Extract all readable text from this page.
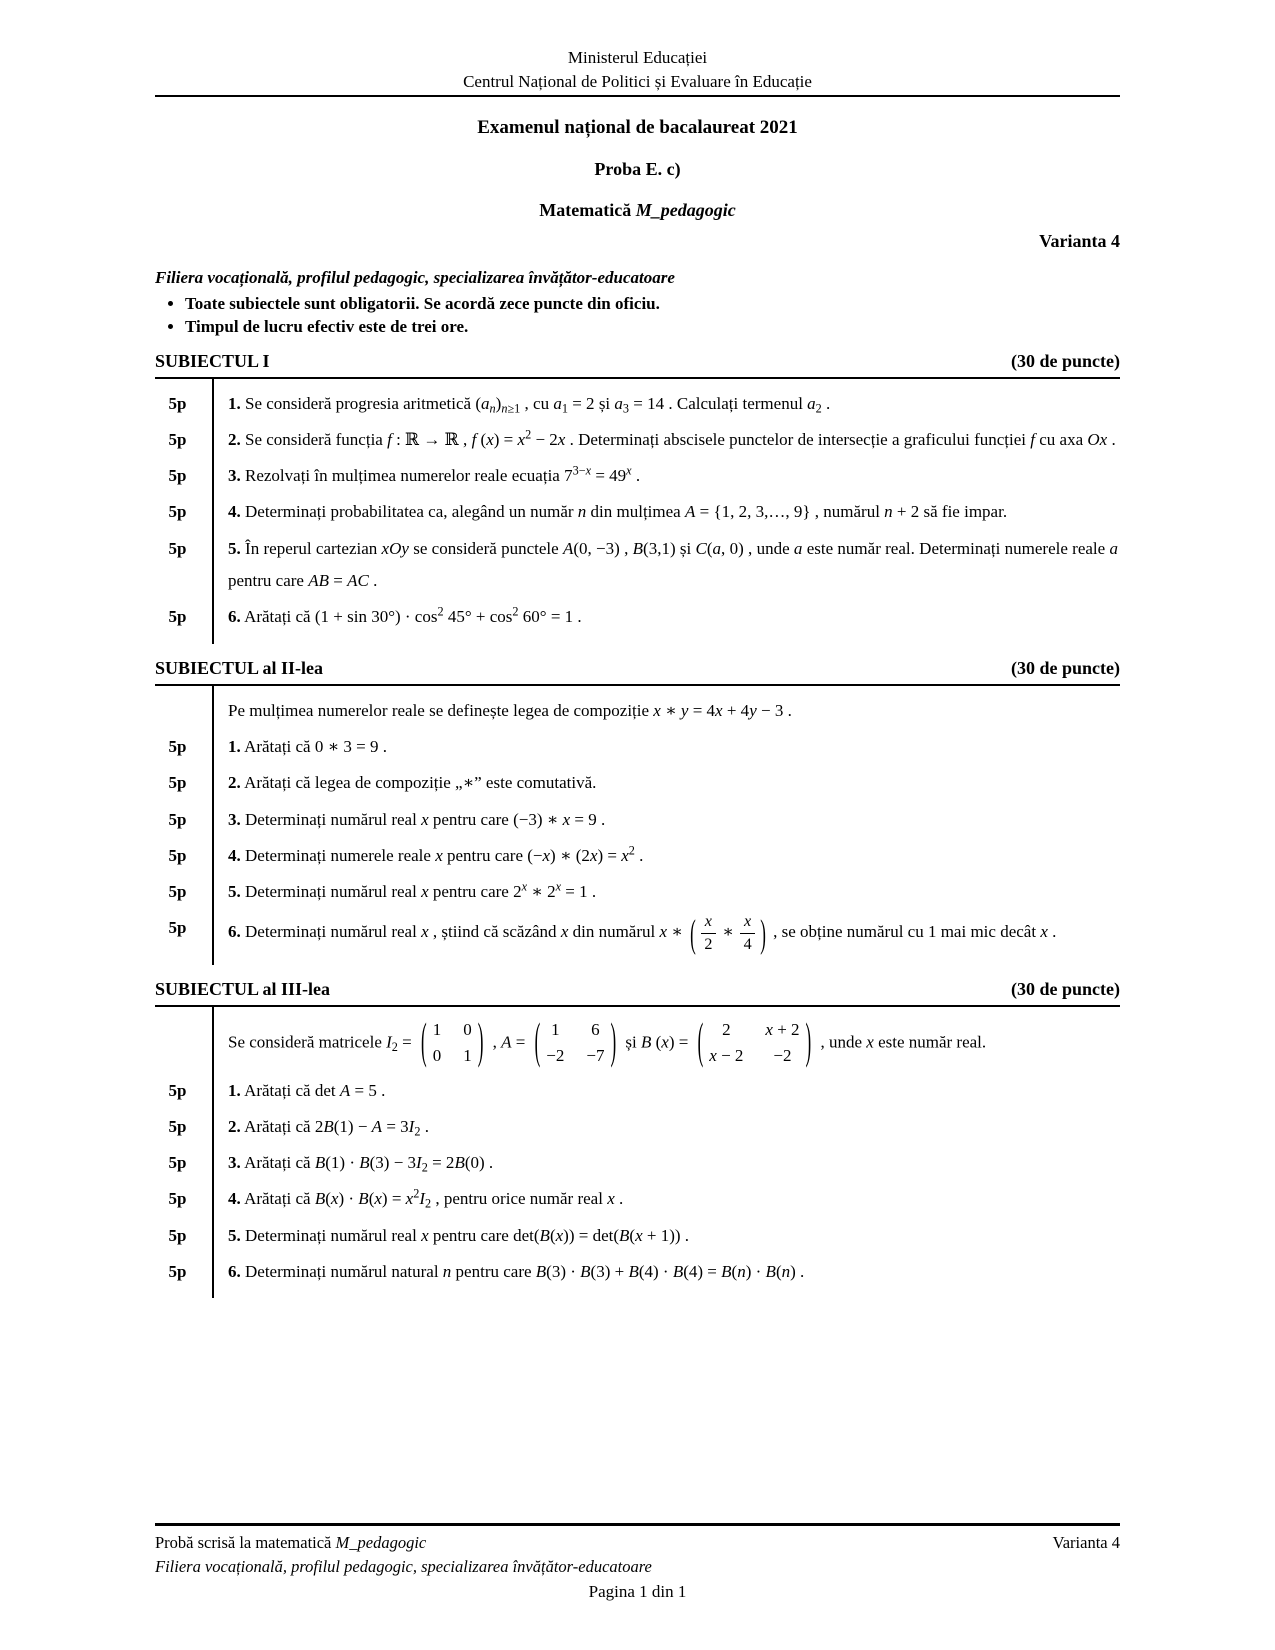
Ministerul Educației
Centrul Național de Politici și Evaluare în Educație
Examenul național de bacalaureat 2021
Proba E. c)
Matematică M_pedagogic
Varianta 4
Filiera vocațională, profilul pedagogic, specializarea învățător-educatoare
• Toate subiectele sunt obligatorii. Se acordă zece puncte din oficiu.
• Timpul de lucru efectiv este de trei ore.
SUBIECTUL I	(30 de puncte)
5p	1. Se consideră progresia aritmetică $(a_n)_{n\ge 1}$ , cu $a_1 = 2$ și $a_3 = 14$ . Calculați termenul $a_2$ .
5p	2. Se consideră funcția f : ℝ → ℝ , f $(x) = x^2 - 2x$ . Determinați abscisele punctelor de intersecție a graficului funcției f cu axa Ox .
5p	3. Rezolvați în mulțimea numerelor reale ecuația $7^{3-x} = 49^x$ .
5p	4. Determinați probabilitatea ca, alegând un număr n din mulțimea A = {1, 2, 3,…, 9} , numărul n + 2 să fie impar.
5p	5. În reperul cartezian xOy se consideră punctele A(0, −3) , B(3,1) și C(a, 0) , unde a este număr real. Determinați numerele reale a pentru care AB = AC .
5p	6. Arătați că $(1 + \sin 30^\circ) \cdot \cos^2 45^\circ + \cos^2 60^\circ = 1$ .
SUBIECTUL al II-lea	(30 de puncte)
Pe mulțimea numerelor reale se definește legea de compoziție x ∗ y = 4x + 4y − 3 .
5p	1. Arătați că 0 ∗ 3 = 9 .
5p	2. Arătați că legea de compoziție „∗” este comutativă.
5p	3. Determinați numărul real x pentru care (−3) ∗ x = 9 .
5p	4. Determinați numerele reale x pentru care (−x) ∗ $(2x) = x^2$ .
5p	5. Determinați numărul real x pentru care 2$^x$ ∗ $2^x = 1$ .
5p	6. Determinați numărul real x , știind că scăzând x din numărul x ∗ ( $\frac{x}{2}$ ∗ $\frac{x}{4}$ ) , se obține numărul cu 1 mai mic decât x .
SUBIECTUL al III-lea	(30 de puncte)
Se consideră matricele $I_2$ = ( 1 0
0 1 ) , A = ( 1 6
−2 −7 ) și B (x) = ( 2 x + 2
x − 2 −2 ) , unde x este număr real.
5p	1. Arătați că det A = 5 .
5p	2. Arătați că $2B(1) - A = 3I_2$ .
5p	3. Arătați că $B(1) \cdot B(3) - 3I_2 = 2B(0)$ .
5p	4. Arătați că $B(x) \cdot B(x) = x^2I_2$ , pentru orice număr real x .
5p	5. Determinați numărul real x pentru care det(B(x)) = det(B(x + 1)) .
5p	6. Determinați numărul natural n pentru care B(3) · B(3) + B(4) · B(4) = B(n) · B(n) .
Probă scrisă la matematică M_pedagogic	Varianta 4
Filiera vocațională, profilul pedagogic, specializarea învățător-educatoare
Pagina 1 din 1
